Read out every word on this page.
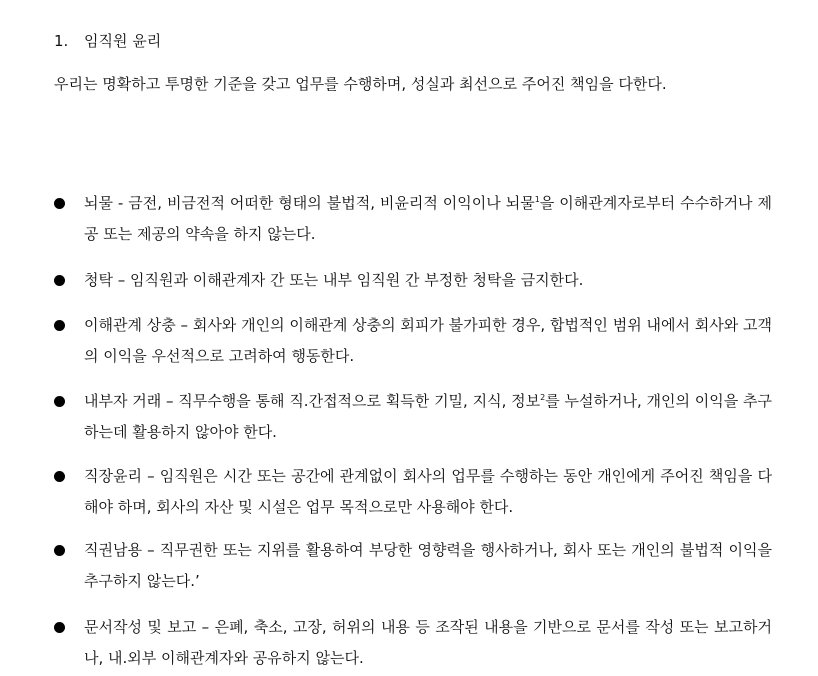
1. 임직원 윤리
우리는 명확하고 투명한 기준을 갖고 업무를 수행하며, 성실과 최선으로 주어진 책임을 다한다.
뇌물 - 금전, 비금전적 어떠한 형태의 불법적, 비윤리적 이익이나 뇌물$^1$을 이해관계자로부터 수수하거나 제공 또는 제공의 약속을 하지 않는다.
청탁 – 임직원과 이해관계자 간 또는 내부 임직원 간 부정한 청탁을 금지한다.
이해관계 상충 – 회사와 개인의 이해관계 상충의 회피가 불가피한 경우, 합법적인 범위 내에서 회사와 고객의 이익을 우선적으로 고려하여 행동한다.
내부자 거래 – 직무수행을 통해 직.간접적으로 획득한 기밀, 지식, 정보$^2$를 누설하거나, 개인의 이익을 추구하는데 활용하지 않아야 한다.
직장윤리 – 임직원은 시간 또는 공간에 관계없이 회사의 업무를 수행하는 동안 개인에게 주어진 책임을 다해야 하며, 회사의 자산 및 시설은 업무 목적으로만 사용해야 한다.
직권남용 – 직무권한 또는 지위를 활용하여 부당한 영향력을 행사하거나, 회사 또는 개인의 불법적 이익을 추구하지 않는다.’
문서작성 및 보고 – 은폐, 축소, 고장, 허위의 내용 등 조작된 내용을 기반으로 문서를 작성 또는 보고하거나, 내.외부 이해관계자와 공유하지 않는다.
